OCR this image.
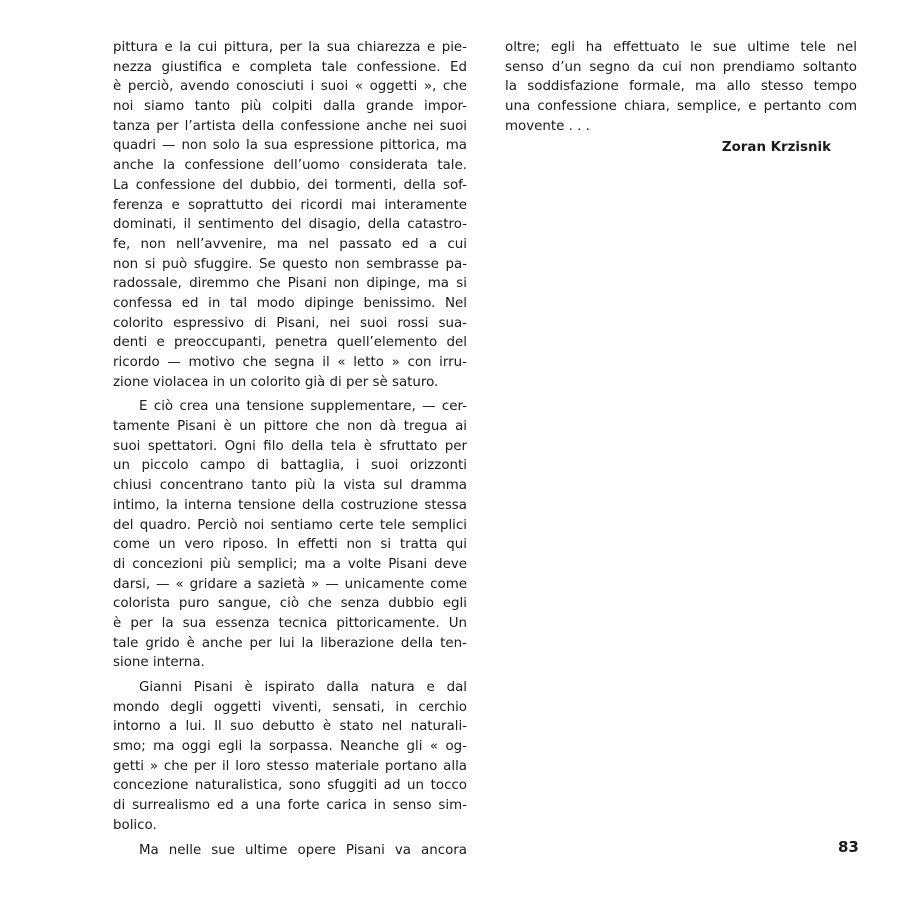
pittura e la cui pittura, per la sua chiarezza e pie-
nezza giustifica e completa tale confessione. Ed
è perciò, avendo conosciuti i suoi « oggetti », che
noi siamo tanto più colpiti dalla grande impor-
tanza per l’artista della confessione anche nei suoi
quadri — non solo la sua espressione pittorica, ma
anche la confessione dell’uomo considerata tale.
La confessione del dubbio, dei tormenti, della sof-
ferenza e soprattutto dei ricordi mai interamente
dominati, il sentimento del disagio, della catastro-
fe, non nell’avvenire, ma nel passato ed a cui
non si può sfuggire. Se questo non sembrasse pa-
radossale, diremmo che Pisani non dipinge, ma si
confessa ed in tal modo dipinge benissimo. Nel
colorito espressivo di Pisani, nei suoi rossi sua-
denti e preoccupanti, penetra quell’elemento del
ricordo — motivo che segna il « letto » con irru-
zione violacea in un colorito già di per sè saturo.
E ciò crea una tensione supplementare, — cer-
tamente Pisani è un pittore che non dà tregua ai
suoi spettatori. Ogni filo della tela è sfruttato per
un piccolo campo di battaglia, i suoi orizzonti
chiusi concentrano tanto più la vista sul dramma
intimo, la interna tensione della costruzione stessa
del quadro. Perciò noi sentiamo certe tele semplici
come un vero riposo. In effetti non si tratta qui
di concezioni più semplici; ma a volte Pisani deve
darsi, — « gridare a sazietà » — unicamente come
colorista puro sangue, ciò che senza dubbio egli
è per la sua essenza tecnica pittoricamente. Un
tale grido è anche per lui la liberazione della ten-
sione interna.
Gianni Pisani è ispirato dalla natura e dal
mondo degli oggetti viventi, sensati, in cerchio
intorno a lui. Il suo debutto è stato nel naturali-
smo; ma oggi egli la sorpassa. Neanche gli « og-
getti » che per il loro stesso materiale portano alla
concezione naturalistica, sono sfuggiti ad un tocco
di surrealismo ed a una forte carica in senso sim-
bolico.
Ma nelle sue ultime opere Pisani va ancora
oltre; egli ha effettuato le sue ultime tele nel
senso d’un segno da cui non prendiamo soltanto
la soddisfazione formale, ma allo stesso tempo
una confessione chiara, semplice, e pertanto com
movente . . .
Zoran Krzisnik
83
